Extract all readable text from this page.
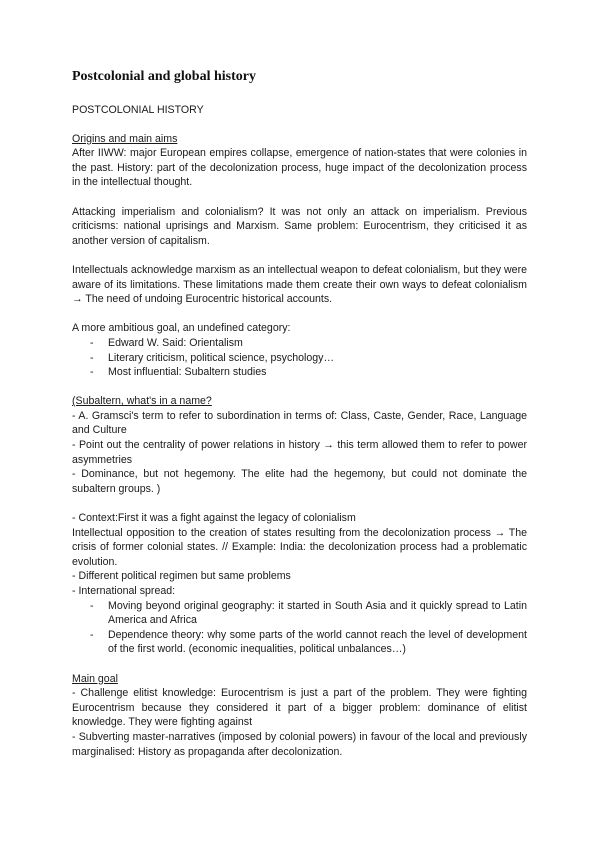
Postcolonial and global history
POSTCOLONIAL HISTORY
Origins and main aims

After IIWW: major European empires collapse, emergence of nation-states that were colonies in the past. History: part of the decolonization process, huge impact of the decolonization process in the intellectual thought.

Attacking imperialism and colonialism? It was not only an attack on imperialism. Previous criticisms: national uprisings and Marxism. Same problem: Eurocentrism, they criticised it as another version of capitalism.

Intellectuals acknowledge marxism as an intellectual weapon to defeat colonialism, but they were aware of its limitations. These limitations made them create their own ways to defeat colonialism → The need of undoing Eurocentric historical accounts.

A more ambitious goal, an undefined category:

- Edward W. Said: Orientalism
- Literary criticism, political science, psychology…
- Most influential: Subaltern studies
(Subaltern, what's in a name?

- A. Gramsci's term to refer to subordination in terms of: Class, Caste, Gender, Race, Language and Culture

- Point out the centrality of power relations in history → this term allowed them to refer to power asymmetries

- Dominance, but not hegemony. The elite had the hegemony, but could not dominate the subaltern groups. )

- Context:First it was a fight against the legacy of colonialism

Intellectual opposition to the creation of states resulting from the decolonization process → The crisis of former colonial states. // Example: India: the decolonization process had a problematic evolution.

- Different political regimen but same problems

- International spread:

- Moving beyond original geography: it started in South Asia and it quickly spread to Latin America and Africa
- Dependence theory: why some parts of the world cannot reach the level of development of the first world. (economic inequalities, political unbalances…)
Main goal

- Challenge elitist knowledge: Eurocentrism is just a part of the problem. They were fighting Eurocentrism because they considered it part of a bigger problem: dominance of elitist knowledge. They were fighting against

- Subverting master-narratives (imposed by colonial powers) in favour of the local and previously marginalised: History as propaganda after decolonization.
